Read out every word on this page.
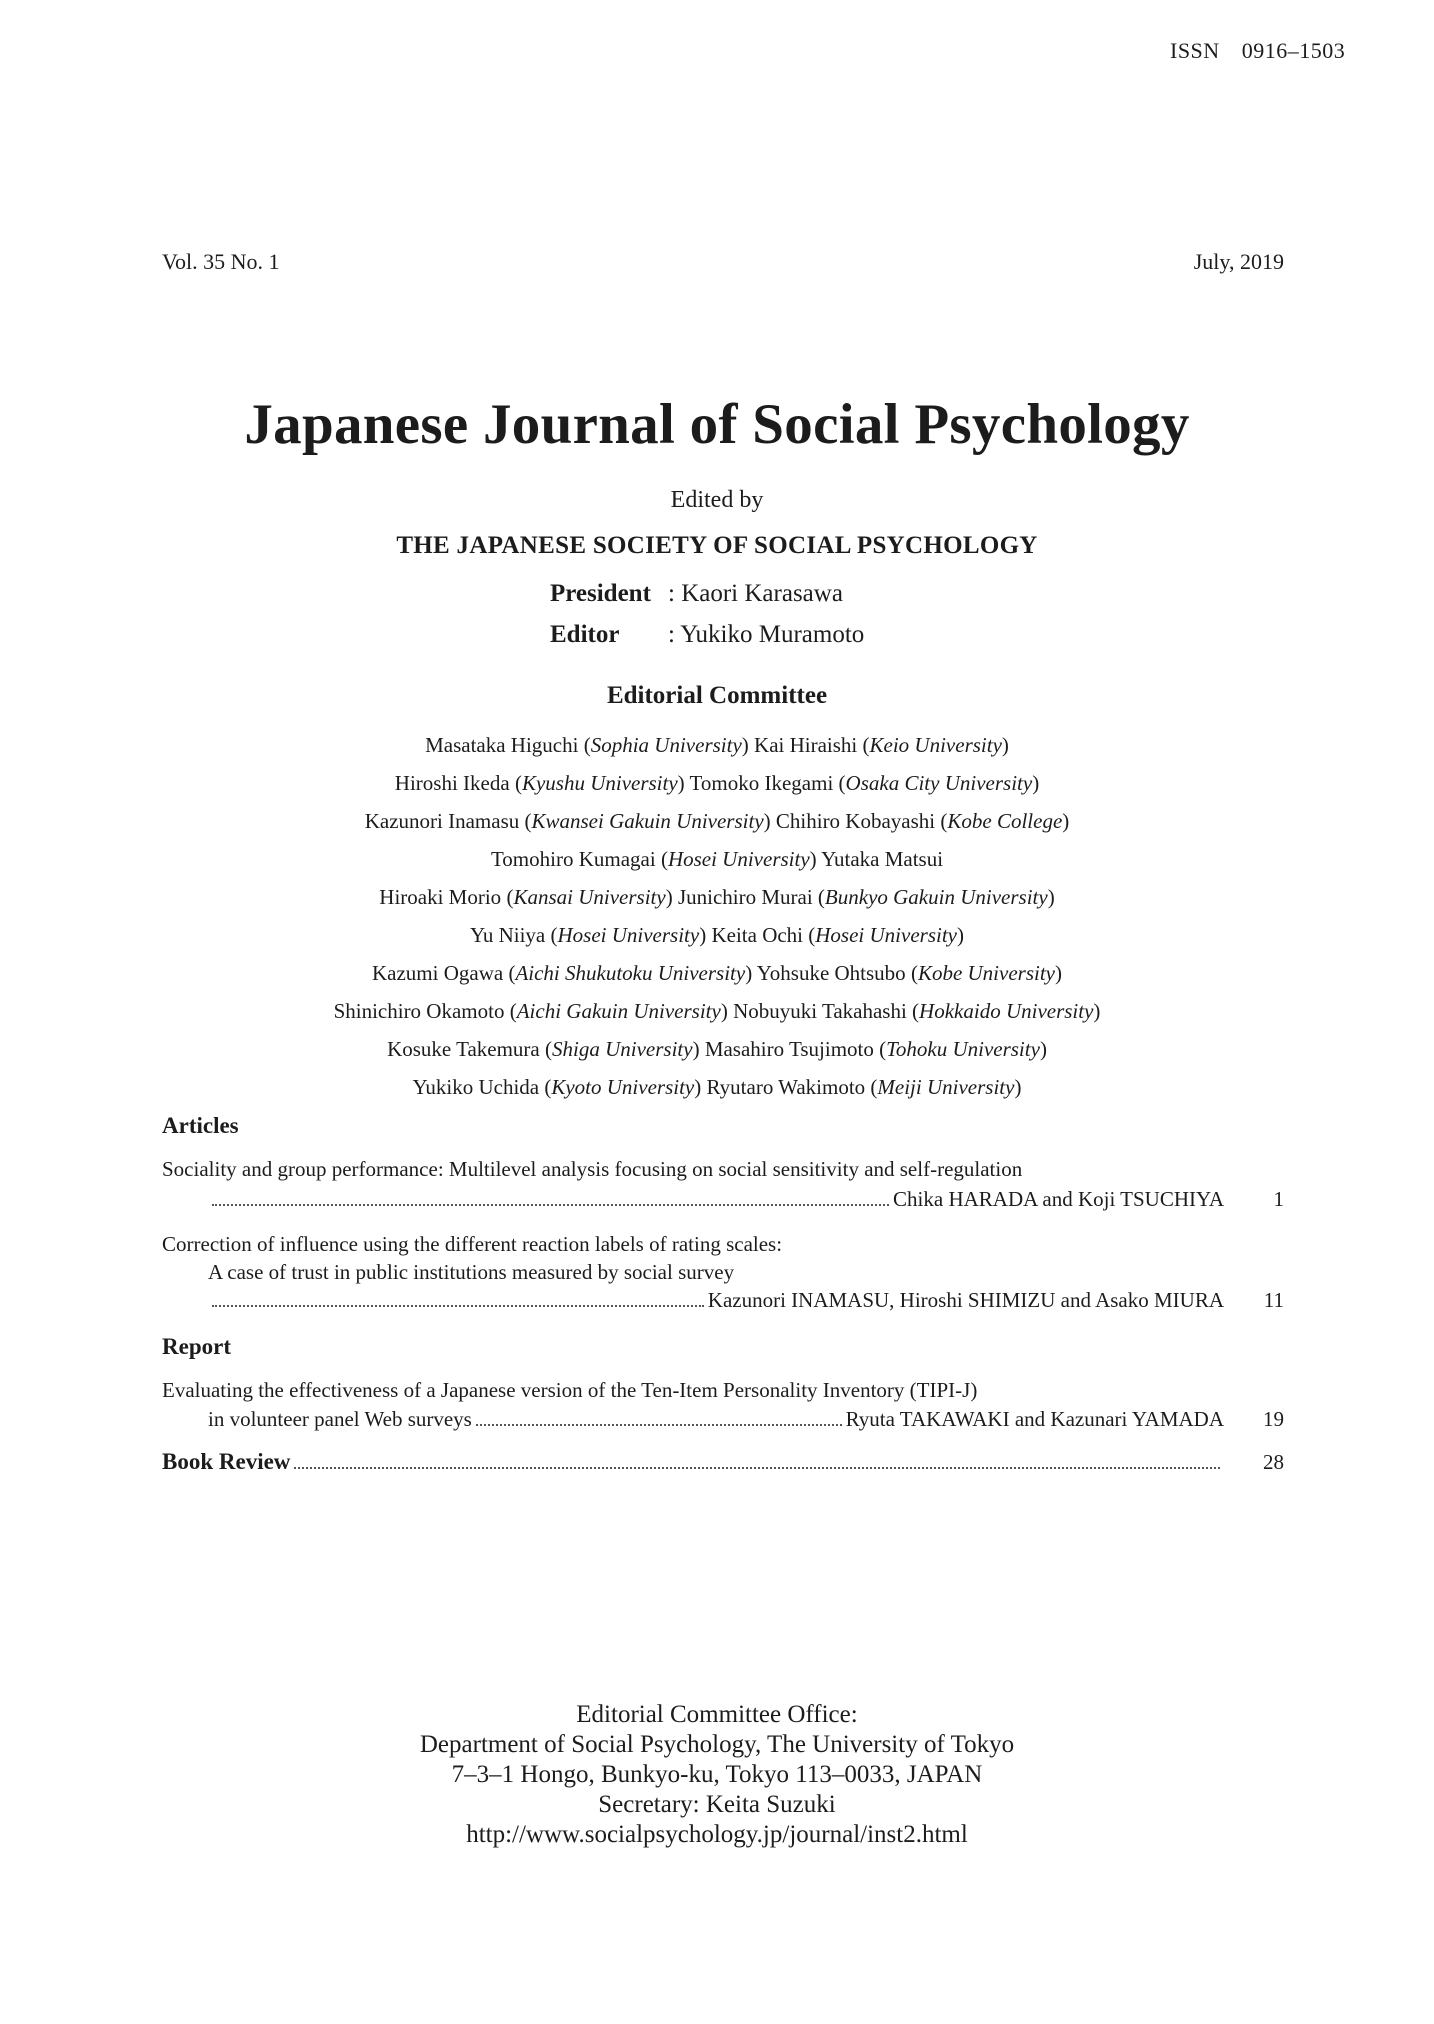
ISSN 0916–1503
Vol. 35 No. 1	July, 2019
Japanese Journal of Social Psychology
Edited by
THE JAPANESE SOCIETY OF SOCIAL PSYCHOLOGY
President : Kaori Karasawa
Editor : Yukiko Muramoto
Editorial Committee
Masataka Higuchi (Sophia University) Kai Hiraishi (Keio University)
Hiroshi Ikeda (Kyushu University) Tomoko Ikegami (Osaka City University)
Kazunori Inamasu (Kwansei Gakuin University) Chihiro Kobayashi (Kobe College)
Tomohiro Kumagai (Hosei University) Yutaka Matsui
Hiroaki Morio (Kansai University) Junichiro Murai (Bunkyo Gakuin University)
Yu Niiya (Hosei University) Keita Ochi (Hosei University)
Kazumi Ogawa (Aichi Shukutoku University) Yohsuke Ohtsubo (Kobe University)
Shinichiro Okamoto (Aichi Gakuin University) Nobuyuki Takahashi (Hokkaido University)
Kosuke Takemura (Shiga University) Masahiro Tsujimoto (Tohoku University)
Yukiko Uchida (Kyoto University) Ryutaro Wakimoto (Meiji University)
Articles
Sociality and group performance: Multilevel analysis focusing on social sensitivity and self-regulation
Chika HARADA and Koji TSUCHIYA	1
Correction of influence using the different reaction labels of rating scales:
A case of trust in public institutions measured by social survey
Kazunori INAMASU, Hiroshi SHIMIZU and Asako MIURA	11
Report
Evaluating the effectiveness of a Japanese version of the Ten-Item Personality Inventory (TIPI-J)
in volunteer panel Web surveys	Ryuta TAKAWAKI and Kazunari YAMADA	19
Book Review	28
Editorial Committee Office:
Department of Social Psychology, The University of Tokyo
7–3–1 Hongo, Bunkyo-ku, Tokyo 113–0033, JAPAN
Secretary: Keita Suzuki
http://www.socialpsychology.jp/journal/inst2.html
